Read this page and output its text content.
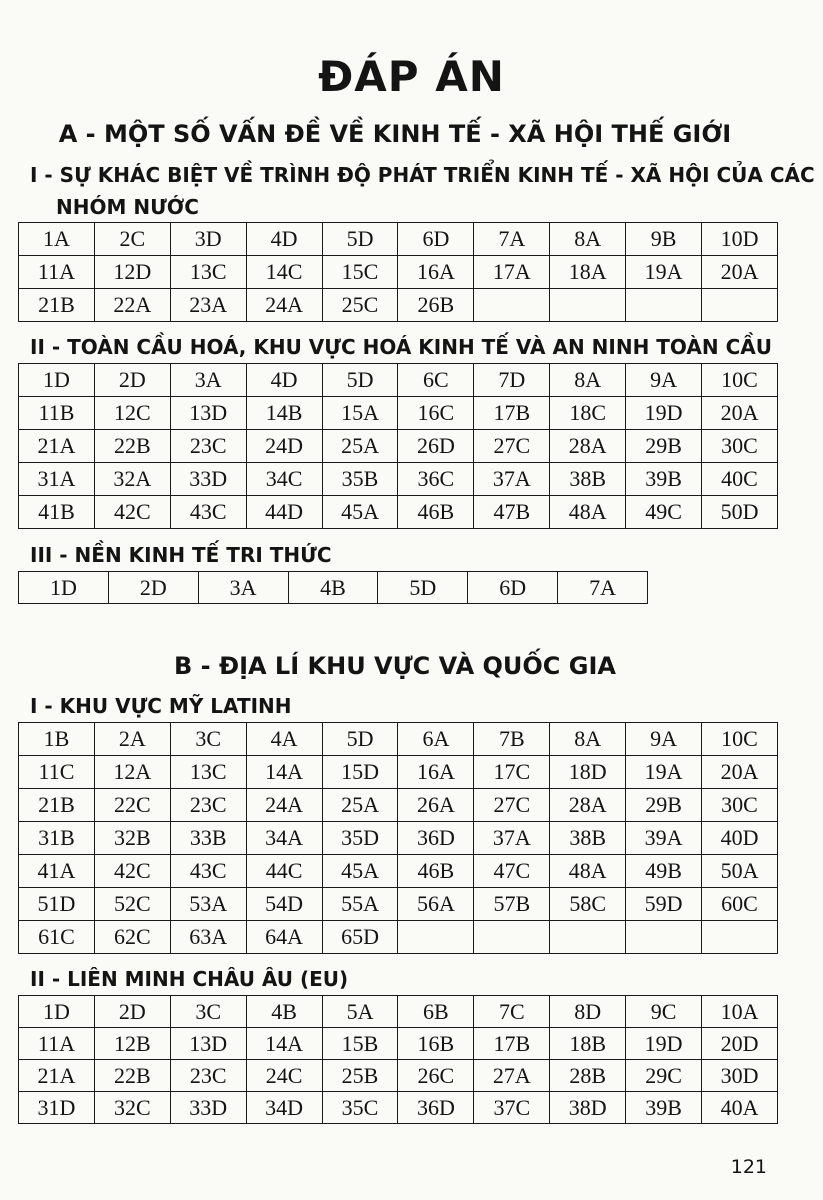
ĐÁP ÁN
A - MỘT SỐ VẤN ĐỀ VỀ KINH TẾ - XÃ HỘI THẾ GIỚI
I - SỰ KHÁC BIỆT VỀ TRÌNH ĐỘ PHÁT TRIỂN KINH TẾ - XÃ HỘI CỦA CÁC
NHÓM NƯỚC
1A	2C	3D	4D	5D	6D	7A	8A	9B	10D
11A	12D	13C	14C	15C	16A	17A	18A	19A	20A
21B	22A	23A	24A	25C	26B				
II - TOÀN CẦU HOÁ, KHU VỰC HOÁ KINH TẾ VÀ AN NINH TOÀN CẦU
1D	2D	3A	4D	5D	6C	7D	8A	9A	10C
11B	12C	13D	14B	15A	16C	17B	18C	19D	20A
21A	22B	23C	24D	25A	26D	27C	28A	29B	30C
31A	32A	33D	34C	35B	36C	37A	38B	39B	40C
41B	42C	43C	44D	45A	46B	47B	48A	49C	50D
III - NỀN KINH TẾ TRI THỨC
1D	2D	3A	4B	5D	6D	7A
B - ĐỊA LÍ KHU VỰC VÀ QUỐC GIA
I - KHU VỰC MỸ LATINH
1B	2A	3C	4A	5D	6A	7B	8A	9A	10C
11C	12A	13C	14A	15D	16A	17C	18D	19A	20A
21B	22C	23C	24A	25A	26A	27C	28A	29B	30C
31B	32B	33B	34A	35D	36D	37A	38B	39A	40D
41A	42C	43C	44C	45A	46B	47C	48A	49B	50A
51D	52C	53A	54D	55A	56A	57B	58C	59D	60C
61C	62C	63A	64A	65D					
II - LIÊN MINH CHÂU ÂU (EU)
1D	2D	3C	4B	5A	6B	7C	8D	9C	10A
11A	12B	13D	14A	15B	16B	17B	18B	19D	20D
21A	22B	23C	24C	25B	26C	27A	28B	29C	30D
31D	32C	33D	34D	35C	36D	37C	38D	39B	40A
121
